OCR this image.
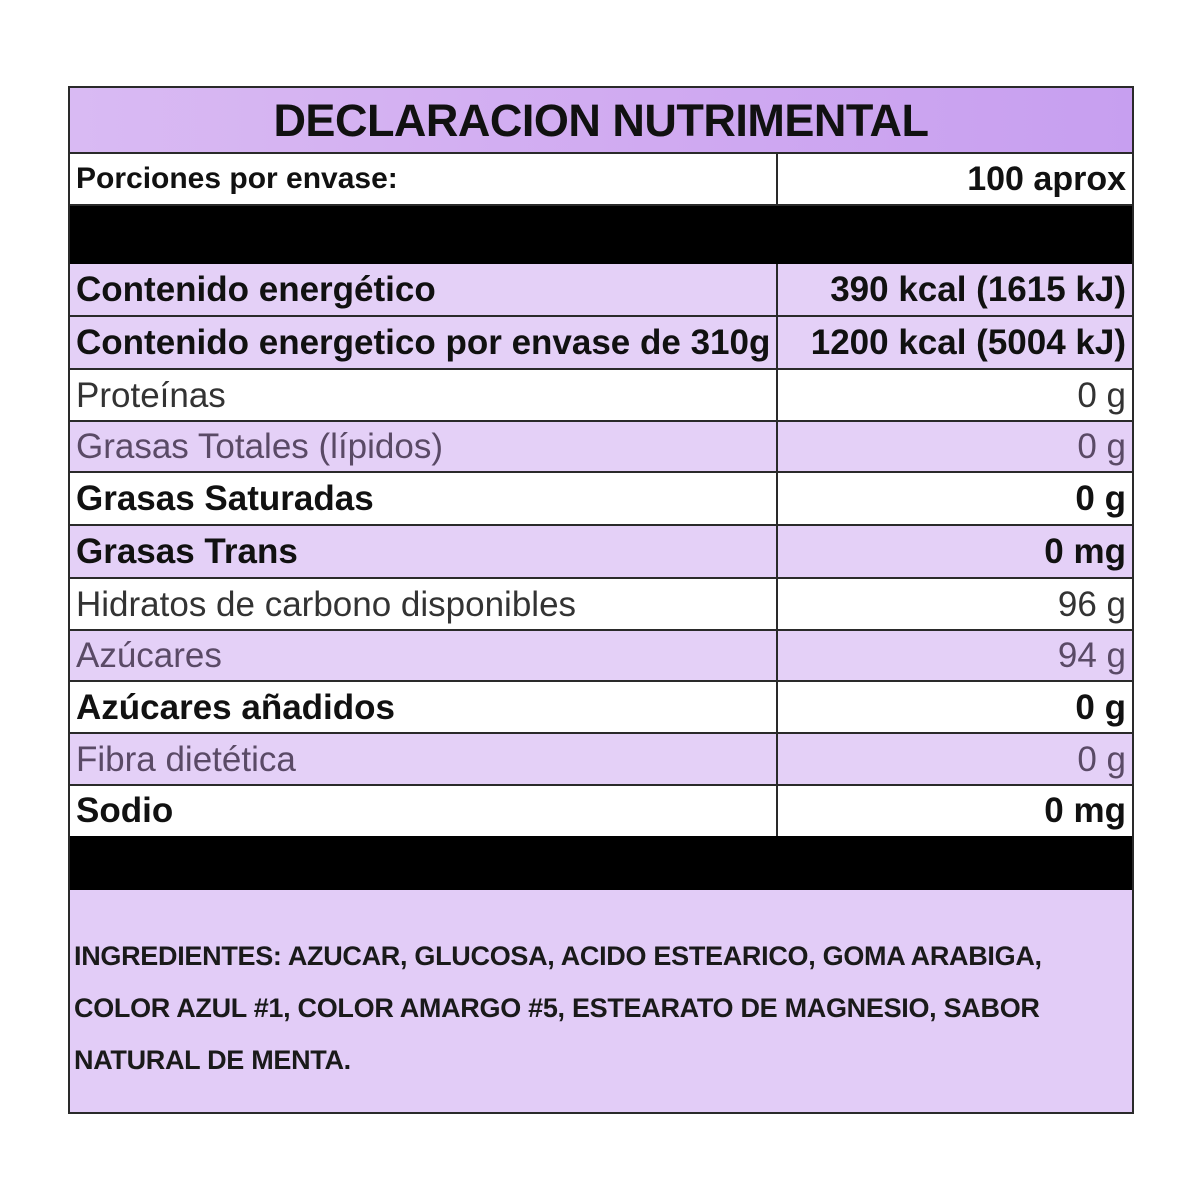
DECLARACION NUTRIMENTAL
Porciones por envase:	100 aprox
Contenido energético	390 kcal (1615 kJ)
Contenido energetico por envase de 310g	1200 kcal (5004 kJ)
Proteínas	0 g
Grasas Totales (lípidos)	0 g
Grasas Saturadas	0 g
Grasas Trans	0 mg
Hidratos de carbono disponibles	96 g
Azúcares	94 g
Azúcares añadidos	0 g
Fibra dietética	0 g
Sodio	0 mg
INGREDIENTES: AZUCAR, GLUCOSA, ACIDO ESTEARICO, GOMA ARABIGA, COLOR AZUL #1, COLOR AMARGO #5, ESTEARATO DE MAGNESIO, SABOR NATURAL DE MENTA.
